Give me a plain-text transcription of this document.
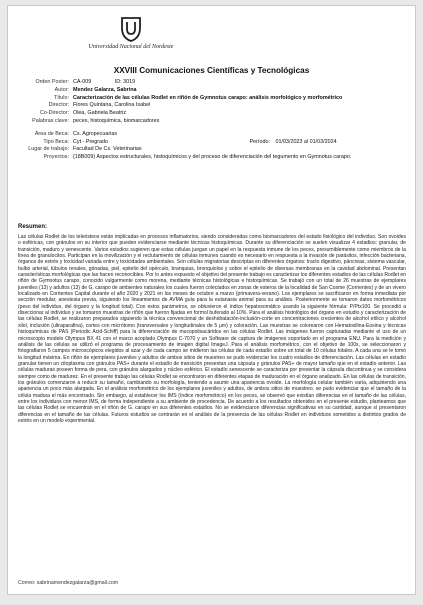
Universidad Nacional del Nordeste
XXVIII Comunicaciones Científicas y Tecnológicas
Orden Poster: CA-009	ID: 3019
Autor: Mendez Galarza, Sabrina
Título: Caracterización de las células Rodlet en riñón de Gymnotus carapo: análisis morfológico y morfométrico
Director: Flores Quintana, Carolina Isabel
Co-Director: Olea, Gabriela Beatriz
Palabras clave: peces, histoquímica, biomarcadores
Área de Beca: Cs. Agropecuarias
Tipo Beca: Cyt - Pregrado	Período: 01/03/2023 al 01/03/2024
Lugar de trabajo: Facultad De Cs. Veterinarias
Proyectos: (18B009) Aspectos estructurales, histoquímicos y del proceso de diferenciación del tegumento en Gymnotus carapo.
Resumen:
Las células Rodlet de los teleósteos están implicadas en procesos inflamatorios, siendo consideradas como biomarcadores del estado fisiológico del individuo. Son ovoides o esféricas, con gránulos en su interior que pueden evidenciarse mediante técnicas histoquímicas. Durante su diferenciación se suelen visualizar 4 estadios: granular, de transición, maduro y senescente. Varios estudios sugieren que estas células juegan un papel en la respuesta inmune de los peces, presumiblemente como miembros de la línea de granulocitos. Participan en la movilización y el reclutamiento de células inmunes cuando es necesario en respuesta a la invasión de parásitos, infección bacteriana, órganos de estrés y toxicidad variada entre y toxicidades ambientales. Son células migratorias descriptas en diferentes órganos: tracto digestivo, páncreas, sistema vascular, bulbo arterial, túbulos renales, gónadas, piel, epitelio del opérculo, branquias, bronquiolos y sobre el epitelio de diversas membranas en la cavidad abdominal. Presentan características morfológicas que las hacen reconocibles. Por lo antes expuesto el objetivo del presente trabajo es caracterizar los diferentes estadios de las células Rodlet en riñón de Gymnotus carapo, conocido vulgarmente como morena, mediante técnicas histológicas e histoquímicas. Se trabajó con un total de 26 muestras de ejemplares juveniles (13) y adultos (13) de G. carapo de ambientes naturales los cuales fueron colectados en zonas de esteros de la localidad de San Cosme (Corrientes) y de un vivero localizado en Corrientes Capital durante el año 2020 y 2021 en los meses de octubre a marzo (primavera-verano). Los ejemplares se sacrificaron en forma inmediata por sección medular, anestesia previa, siguiendo los lineamientos de AVMA guía para la eutanasia animal para su análisis. Posteriormente se tomaron datos morfométricos (peso del individuo, del órgano y la longitud total). Con estos parámetros, se obtuvieron el índice hepatosomático usando la siguiente fórmula: P/Ptx100. Se procedió a diseccionar al individuo y se tomaron muestras de riñón que fueron fijadas en formol buferado al 10%. Para el análisis histológico del órgano en estudio y caracterización de las células Rodlet, se realizaron preparados siguiendo la técnica convencional de deshidratación-inclusión-corte en concentraciones crecientes de alcohol etílico y alcohol xilol, inclusión (ultraparafina), cortes con micrótomo (transversales y longitudinales de 5 µm) y coloración. Las muestras se colorearon con Hematoxilina-Eosina y técnicas histoquímicas de PAS (Periodic Acid-Schiff) para la diferenciación de mucopolisacáridos en las células Rodlet. Las imágenes fueron capturadas mediante el uso de un microscopio modelo Olympus BX 41 con el marco acoplado Olympus C-7070 y un Software de captura de imágenes soportado en el programa ENU. Para la medición y análisis de las células se utilizó el programa de procesamiento de imagen digital ImageJ. Para el análisis morfométrico, con el objetivo de 100x, se seleccionaron y fotografiaron 5 campos microscópicos elegidos al azar y de cada campo se midieron las células de cada estadío sobre un total de 10 células totales. A cada una se le tomó la longitud máxima. En riñón de ejemplares juveniles y adultos de ambos sitios de muestreo se pudo evidenciar los cuatro estadios de diferenciación. Las células en estadio granular tienen un citoplasma con gránulos PAS+ durante el estadío de transición presentan una cápsula y gránulos PAS+ de mayor tamaño que en el estadío anterior. Las células maduras poseen forma de pera, con gránulos alargados y núcleo esférico. El estadío senescente se caracteriza por presentar la cápsula discontinua y se considera siempre como de madurez. En el presente trabajo las células Rodlet se encontraron en diferentes etapas de maduración en el órgano analizado. En las células de transición, los gránulos comenzaron a reducir su tamaño, cambiando su morfología, teniendo a asumir una apariencia ovoide. La morfología celular también varía, adquiriendo una apariencia un poco más alargada. En el análisis morfométrico de los ejemplares juveniles y adultos, de ambos sitios de muestreo, se pudo evidenciar que el tamaño de la célula madura el más encontrado. Sin embargo, al establecer los IMS (índice morfométrico) en los peces, se observó que existían diferencias en el tamaño de las células, entre los individuos con menor IMS, de forma independiente a su ambiente de procedencia. De acuerdo a los resultados obtenidos en el presente estudio, planteamos que las células Rodlet se encuentran en el riñón de G. carapo en sus diferentes estadios. No se evidenciaron diferencias significativas en su cantidad, aunque sí presentaron diferencias en el tamaño de las células. Futuros estudios se centrarán en el análisis de la presencia de las células Rodlet en individuos sometidos a distintos grados de estrés en un modelo experimental.
Correo: sabrinamendezgalarza@gmail.com
